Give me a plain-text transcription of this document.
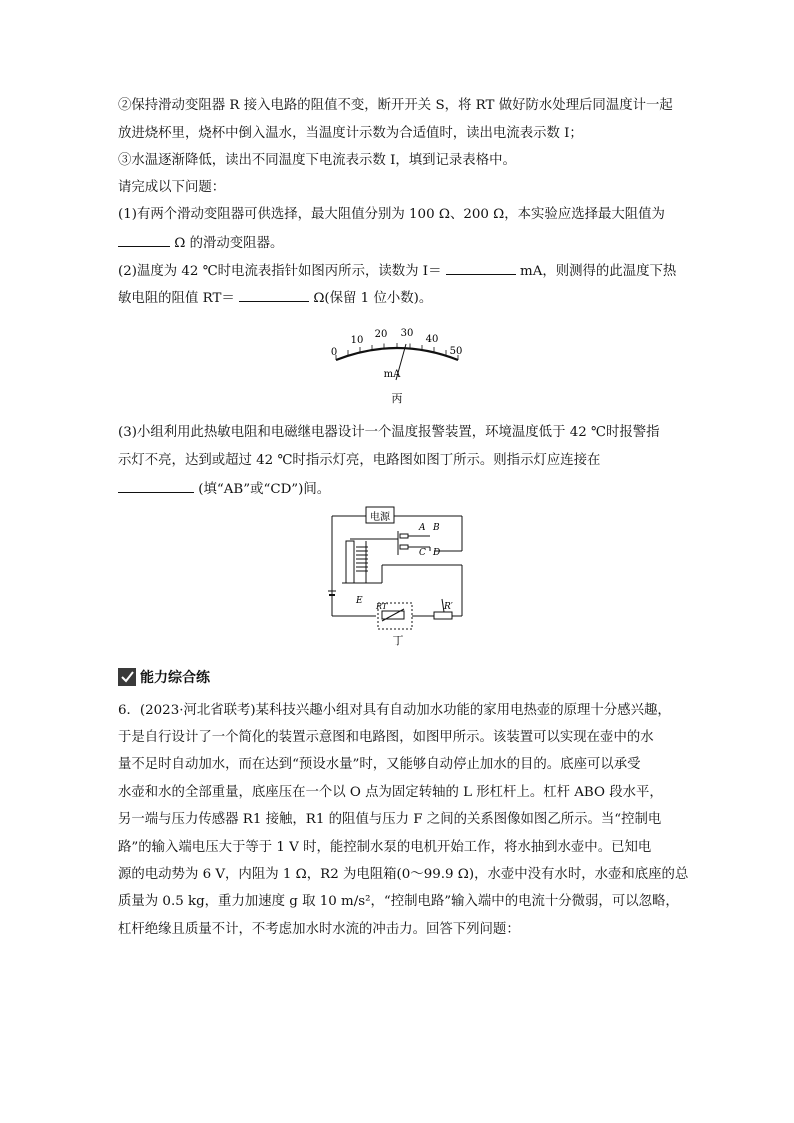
②保持滑动变阻器 R 接入电路的阻值不变，断开开关 S，将 RT 做好防水处理后同温度计一起
放进烧杯里，烧杯中倒入温水，当温度计示数为合适值时，读出电流表示数 I；
③水温逐渐降低，读出不同温度下电流表示数 I，填到记录表格中。
请完成以下问题：
(1)有两个滑动变阻器可供选择，最大阻值分别为 100 Ω、200 Ω，本实验应选择最大阻值为
Ω 的滑动变阻器。
(2)温度为 42 ℃时电流表指针如图丙所示，读数为 I＝	mA，则测得的此温度下热
敏电阻的阻值 RT＝	Ω(保留 1 位小数)。
0
10
20 30
40
50
mA
丙
(3)小组利用此热敏电阻和电磁继电器设计一个温度报警装置，环境温度低于 42 ℃时报警指
示灯不亮，达到或超过 42 ℃时指示灯亮，电路图如图丁所示。则指示灯应连接在
(填“AB”或“CD”)间。
电源
A B
C D
E
RT	R′
丁
能力综合练
6．(2023·河北省联考)某科技兴趣小组对具有自动加水功能的家用电热壶的原理十分感兴趣，
于是自行设计了一个简化的装置示意图和电路图，如图甲所示。该装置可以实现在壶中的水
量不足时自动加水，而在达到“预设水量”时，又能够自动停止加水的目的。底座可以承受
水壶和水的全部重量，底座压在一个以 O 点为固定转轴的 L 形杠杆上。杠杆 ABO 段水平，
另一端与压力传感器 R1 接触，R1 的阻值与压力 F 之间的关系图像如图乙所示。当“控制电
路”的输入端电压大于等于 1 V 时，能控制水泵的电机开始工作，将水抽到水壶中。已知电
源的电动势为 6 V，内阻为 1 Ω，R2 为电阻箱(0～99.9 Ω)，水壶中没有水时，水壶和底座的总
质量为 0.5 kg，重力加速度 g 取 10 m/s²，“控制电路”输入端中的电流十分微弱，可以忽略，
杠杆绝缘且质量不计，不考虑加水时水流的冲击力。回答下列问题：
